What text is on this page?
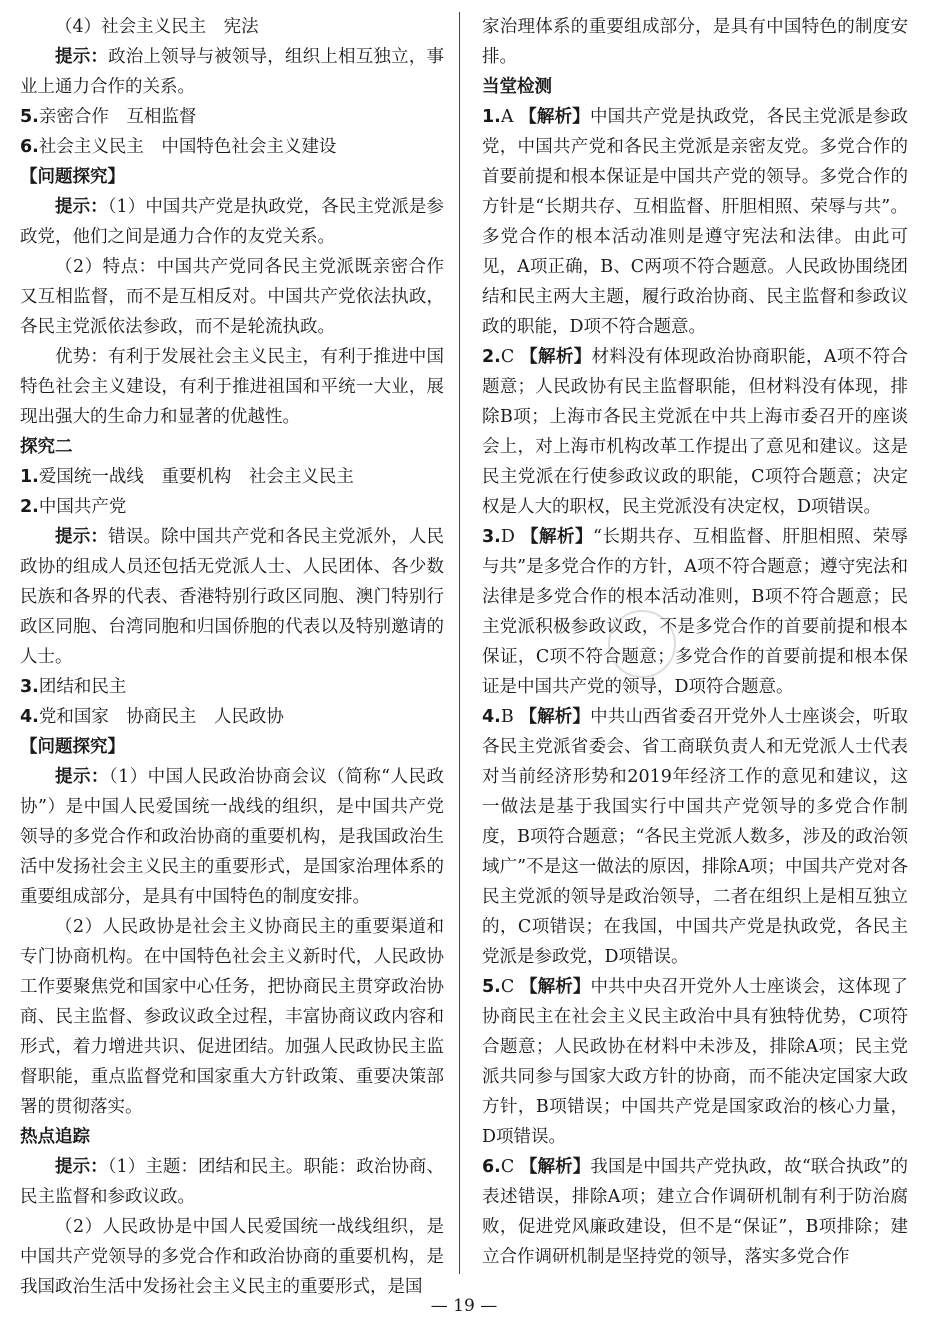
（4）社会主义民主　宪法

提示：政治上领导与被领导，组织上相互独立，事业上通力合作的关系。

5.亲密合作　互相监督

6.社会主义民主　中国特色社会主义建设

【问题探究】

提示：（1）中国共产党是执政党，各民主党派是参政党，他们之间是通力合作的友党关系。

（2）特点：中国共产党同各民主党派既亲密合作又互相监督，而不是互相反对。中国共产党依法执政，各民主党派依法参政，而不是轮流执政。

优势：有利于发展社会主义民主，有利于推进中国特色社会主义建设，有利于推进祖国和平统一大业，展现出强大的生命力和显著的优越性。

探究二

1.爱国统一战线　重要机构　社会主义民主

2.中国共产党

提示：错误。除中国共产党和各民主党派外，人民政协的组成人员还包括无党派人士、人民团体、各少数民族和各界的代表、香港特别行政区同胞、澳门特别行政区同胞、台湾同胞和归国侨胞的代表以及特别邀请的人士。

3.团结和民主

4.党和国家　协商民主　人民政协

【问题探究】

提示：（1）中国人民政治协商会议（简称“人民政协”）是中国人民爱国统一战线的组织，是中国共产党领导的多党合作和政治协商的重要机构，是我国政治生活中发扬社会主义民主的重要形式，是国家治理体系的重要组成部分，是具有中国特色的制度安排。

（2）人民政协是社会主义协商民主的重要渠道和专门协商机构。在中国特色社会主义新时代，人民政协工作要聚焦党和国家中心任务，把协商民主贯穿政治协商、民主监督、参政议政全过程，丰富协商议政内容和形式，着力增进共识、促进团结。加强人民政协民主监督职能，重点监督党和国家重大方针政策、重要决策部署的贯彻落实。

热点追踪

提示：（1）主题：团结和民主。职能：政治协商、民主监督和参政议政。

（2）人民政协是中国人民爱国统一战线组织，是中国共产党领导的多党合作和政治协商的重要机构，是我国政治生活中发扬社会主义民主的重要形式，是国

家治理体系的重要组成部分，是具有中国特色的制度安排。

当堂检测

1.A 【解析】中国共产党是执政党，各民主党派是参政党，中国共产党和各民主党派是亲密友党。多党合作的首要前提和根本保证是中国共产党的领导。多党合作的方针是“长期共存、互相监督、肝胆相照、荣辱与共”。多党合作的根本活动准则是遵守宪法和法律。由此可见，A项正确，B、C两项不符合题意。人民政协围绕团结和民主两大主题，履行政治协商、民主监督和参政议政的职能，D项不符合题意。

2.C 【解析】材料没有体现政治协商职能，A项不符合题意；人民政协有民主监督职能，但材料没有体现，排除B项；上海市各民主党派在中共上海市委召开的座谈会上，对上海市机构改革工作提出了意见和建议。这是民主党派在行使参政议政的职能，C项符合题意；决定权是人大的职权，民主党派没有决定权，D项错误。

3.D 【解析】“长期共存、互相监督、肝胆相照、荣辱与共”是多党合作的方针，A项不符合题意；遵守宪法和法律是多党合作的根本活动准则，B项不符合题意；民主党派积极参政议政，不是多党合作的首要前提和根本保证，C项不符合题意；多党合作的首要前提和根本保证是中国共产党的领导，D项符合题意。

4.B 【解析】中共山西省委召开党外人士座谈会，听取各民主党派省委会、省工商联负责人和无党派人士代表对当前经济形势和2019年经济工作的意见和建议，这一做法是基于我国实行中国共产党领导的多党合作制度，B项符合题意；“各民主党派人数多，涉及的政治领域广”不是这一做法的原因，排除A项；中国共产党对各民主党派的领导是政治领导，二者在组织上是相互独立的，C项错误；在我国，中国共产党是执政党，各民主党派是参政党，D项错误。

5.C 【解析】中共中央召开党外人士座谈会，这体现了协商民主在社会主义民主政治中具有独特优势，C项符合题意；人民政协在材料中未涉及，排除A项；民主党派共同参与国家大政方针的协商，而不能决定国家大政方针，B项错误；中国共产党是国家政治的核心力量，D项错误。

6.C 【解析】我国是中国共产党执政，故“联合执政”的表述错误，排除A项；建立合作调研机制有利于防治腐败，促进党风廉政建设，但不是“保证”，B项排除；建立合作调研机制是坚持党的领导，落实多党合作

— 19 —
